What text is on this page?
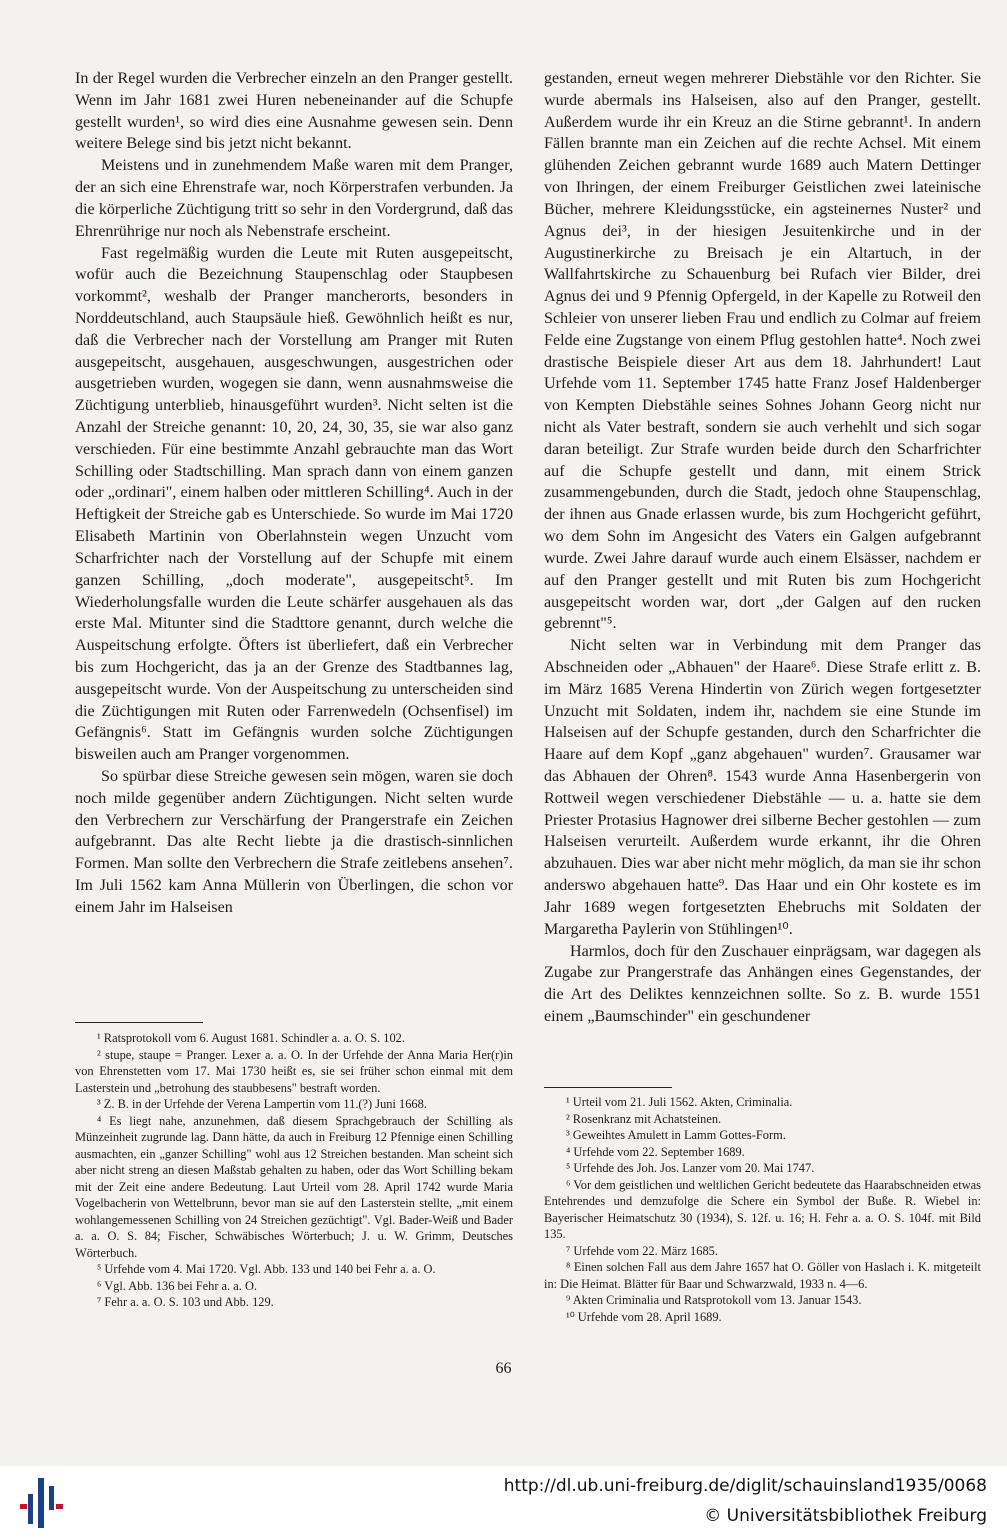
In der Regel wurden die Verbrecher einzeln an den Pranger gestellt. Wenn im Jahr 1681 zwei Huren nebeneinander auf die Schupfe gestellt wurden¹, so wird dies eine Ausnahme gewesen sein. Denn weitere Belege sind bis jetzt nicht bekannt.

Meistens und in zunehmendem Maße waren mit dem Pranger, der an sich eine Ehrenstrafe war, noch Körperstrafen verbunden. Ja die körperliche Züchtigung tritt so sehr in den Vordergrund, daß das Ehrenrührige nur noch als Nebenstrafe erscheint.

Fast regelmäßig wurden die Leute mit Ruten ausgepeitscht, wofür auch die Bezeichnung Staupenschlag oder Staupbesen vorkommt², weshalb der Pranger mancherorts, besonders in Norddeutschland, auch Staupsäule hieß. Gewöhnlich heißt es nur, daß die Verbrecher nach der Vorstellung am Pranger mit Ruten ausgepeitscht, ausgehauen, ausgeschwungen, ausgestrichen oder ausgetrieben wurden, wogegen sie dann, wenn ausnahmsweise die Züchtigung unterblieb, hinausgeführt wurden³. Nicht selten ist die Anzahl der Streiche genannt: 10, 20, 24, 30, 35, sie war also ganz verschieden. Für eine bestimmte Anzahl gebrauchte man das Wort Schilling oder Stadtschilling. Man sprach dann von einem ganzen oder „ordinari", einem halben oder mittleren Schilling⁴. Auch in der Heftigkeit der Streiche gab es Unterschiede. So wurde im Mai 1720 Elisabeth Martinin von Oberlahnstein wegen Unzucht vom Scharfrichter nach der Vorstellung auf der Schupfe mit einem ganzen Schilling, „doch moderate", ausgepeitscht⁵. Im Wiederholungsfalle wurden die Leute schärfer ausgehauen als das erste Mal. Mitunter sind die Stadttore genannt, durch welche die Auspeitschung erfolgte. Öfters ist überliefert, daß ein Verbrecher bis zum Hochgericht, das ja an der Grenze des Stadtbannes lag, ausgepeitscht wurde. Von der Auspeitschung zu unterscheiden sind die Züchtigungen mit Ruten oder Farrenwedeln (Ochsenfisel) im Gefängnis⁶. Statt im Gefängnis wurden solche Züchtigungen bisweilen auch am Pranger vorgenommen.

So spürbar diese Streiche gewesen sein mögen, waren sie doch noch milde gegenüber andern Züchtigungen. Nicht selten wurde den Verbrechern zur Verschärfung der Prangerstrafe ein Zeichen aufgebrannt. Das alte Recht liebte ja die drastisch-sinnlichen Formen. Man sollte den Verbrechern die Strafe zeitlebens ansehen⁷. Im Juli 1562 kam Anna Müllerin von Überlingen, die schon vor einem Jahr im Halseisen

¹ Ratsprotokoll vom 6. August 1681. Schindler a. a. O. S. 102.

² stupe, staupe = Pranger. Lexer a. a. O. In der Urfehde der Anna Maria Her(r)in von Ehrenstetten vom 17. Mai 1730 heißt es, sie sei früher schon einmal mit dem Lasterstein und „betrohung des staubbesens" bestraft worden.

³ Z. B. in der Urfehde der Verena Lampertin vom 11.(?) Juni 1668.

⁴ Es liegt nahe, anzunehmen, daß diesem Sprachgebrauch der Schilling als Münzeinheit zugrunde lag. Dann hätte, da auch in Freiburg 12 Pfennige einen Schilling ausmachten, ein „ganzer Schilling" wohl aus 12 Streichen bestanden. Man scheint sich aber nicht streng an diesen Maßstab gehalten zu haben, oder das Wort Schilling bekam mit der Zeit eine andere Bedeutung. Laut Urteil vom 28. April 1742 wurde Maria Vogelbacherin von Wettelbrunn, bevor man sie auf den Lasterstein stellte, „mit einem wohlangemessenen Schilling von 24 Streichen gezüchtigt". Vgl. Bader-Weiß und Bader a. a. O. S. 84; Fischer, Schwäbisches Wörterbuch; J. u. W. Grimm, Deutsches Wörterbuch.

⁵ Urfehde vom 4. Mai 1720. Vgl. Abb. 133 und 140 bei Fehr a. a. O.

⁶ Vgl. Abb. 136 bei Fehr a. a. O.

⁷ Fehr a. a. O. S. 103 und Abb. 129.

gestanden, erneut wegen mehrerer Diebstähle vor den Richter. Sie wurde abermals ins Halseisen, also auf den Pranger, gestellt. Außerdem wurde ihr ein Kreuz an die Stirne gebrannt¹. In andern Fällen brannte man ein Zeichen auf die rechte Achsel. Mit einem glühenden Zeichen gebrannt wurde 1689 auch Matern Dettinger von Ihringen, der einem Freiburger Geistlichen zwei lateinische Bücher, mehrere Kleidungsstücke, ein agsteinernes Nuster² und Agnus dei³, in der hiesigen Jesuitenkirche und in der Augustinerkirche zu Breisach je ein Altartuch, in der Wallfahrtskirche zu Schauenburg bei Rufach vier Bilder, drei Agnus dei und 9 Pfennig Opfergeld, in der Kapelle zu Rotweil den Schleier von unserer lieben Frau und endlich zu Colmar auf freiem Felde eine Zugstange von einem Pflug gestohlen hatte⁴. Noch zwei drastische Beispiele dieser Art aus dem 18. Jahrhundert! Laut Urfehde vom 11. September 1745 hatte Franz Josef Haldenberger von Kempten Diebstähle seines Sohnes Johann Georg nicht nur nicht als Vater bestraft, sondern sie auch verhehlt und sich sogar daran beteiligt. Zur Strafe wurden beide durch den Scharfrichter auf die Schupfe gestellt und dann, mit einem Strick zusammengebunden, durch die Stadt, jedoch ohne Staupenschlag, der ihnen aus Gnade erlassen wurde, bis zum Hochgericht geführt, wo dem Sohn im Angesicht des Vaters ein Galgen aufgebrannt wurde. Zwei Jahre darauf wurde auch einem Elsässer, nachdem er auf den Pranger gestellt und mit Ruten bis zum Hochgericht ausgepeitscht worden war, dort „der Galgen auf den rucken gebrennt"⁵.

Nicht selten war in Verbindung mit dem Pranger das Abschneiden oder „Abhauen" der Haare⁶. Diese Strafe erlitt z. B. im März 1685 Verena Hindertin von Zürich wegen fortgesetzter Unzucht mit Soldaten, indem ihr, nachdem sie eine Stunde im Halseisen auf der Schupfe gestanden, durch den Scharfrichter die Haare auf dem Kopf „ganz abgehauen" wurden⁷. Grausamer war das Abhauen der Ohren⁸. 1543 wurde Anna Hasenbergerin von Rottweil wegen verschiedener Diebstähle — u. a. hatte sie dem Priester Protasius Hagnower drei silberne Becher gestohlen — zum Halseisen verurteilt. Außerdem wurde erkannt, ihr die Ohren abzuhauen. Dies war aber nicht mehr möglich, da man sie ihr schon anderswo abgehauen hatte⁹. Das Haar und ein Ohr kostete es im Jahr 1689 wegen fortgesetzten Ehebruchs mit Soldaten der Margaretha Paylerin von Stühlingen¹⁰.

Harmlos, doch für den Zuschauer einprägsam, war dagegen als Zugabe zur Prangerstrafe das Anhängen eines Gegenstandes, der die Art des Deliktes kennzeichnen sollte. So z. B. wurde 1551 einem „Baumschinder" ein geschundener

¹ Urteil vom 21. Juli 1562. Akten, Criminalia.

² Rosenkranz mit Achatsteinen.

³ Geweihtes Amulett in Lamm Gottes-Form.

⁴ Urfehde vom 22. September 1689.

⁵ Urfehde des Joh. Jos. Lanzer vom 20. Mai 1747.

⁶ Vor dem geistlichen und weltlichen Gericht bedeutete das Haarabschneiden etwas Entehrendes und demzufolge die Schere ein Symbol der Buße. R. Wiebel in: Bayerischer Heimatschutz 30 (1934), S. 12f. u. 16; H. Fehr a. a. O. S. 104f. mit Bild 135.

⁷ Urfehde vom 22. März 1685.

⁸ Einen solchen Fall aus dem Jahre 1657 hat O. Göller von Haslach i. K. mitgeteilt in: Die Heimat. Blätter für Baar und Schwarzwald, 1933 n. 4—6.

⁹ Akten Criminalia und Ratsprotokoll vom 13. Januar 1543.

¹⁰ Urfehde vom 28. April 1689.

66
http://dl.ub.uni-freiburg.de/diglit/schauinsland1935/0068
© Universitätsbibliothek Freiburg
